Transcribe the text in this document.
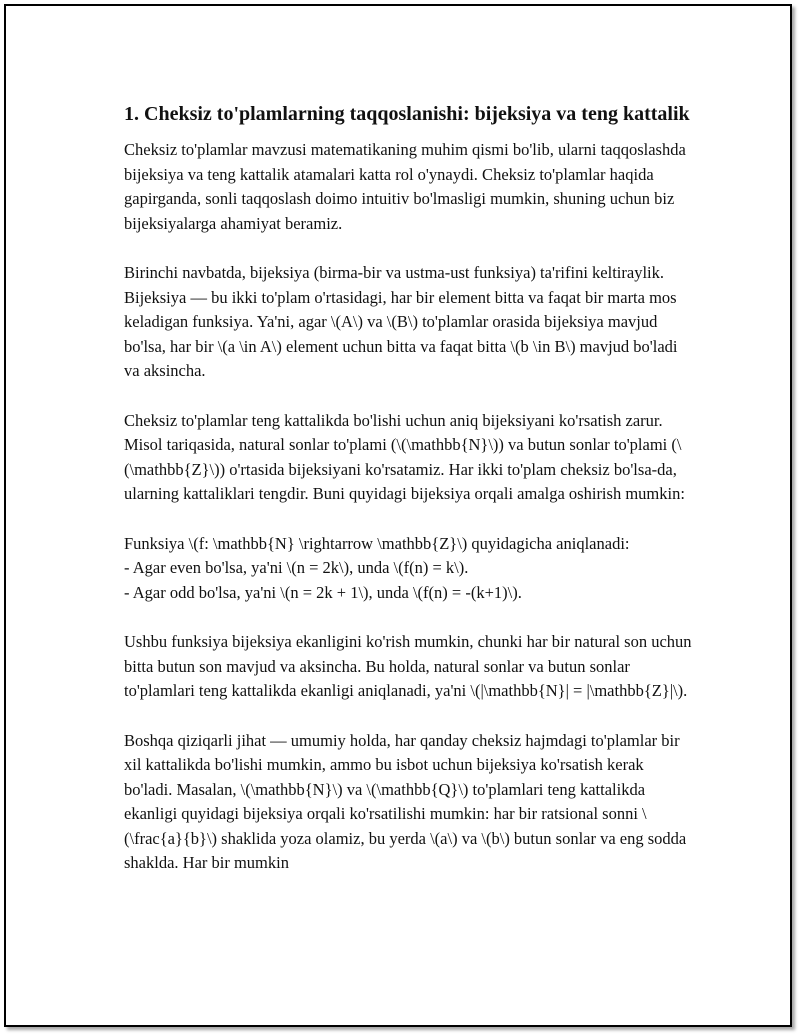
1. Cheksiz to'plamlarning taqqoslanishi: bijeksiya va teng kattalik

Cheksiz to'plamlar mavzusi matematikaning muhim qismi bo'lib, ularni taqqoslashda bijeksiya va teng kattalik atamalari katta rol o'ynaydi. Cheksiz to'plamlar haqida gapirganda, sonli taqqoslash doimo intuitiv bo'lmasligi mumkin, shuning uchun biz bijeksiyalarga ahamiyat beramiz.

Birinchi navbatda, bijeksiya (birma-bir va ustma-ust funksiya) ta'rifini keltiraylik. Bijeksiya — bu ikki to'plam o'rtasidagi, har bir element bitta va faqat bir marta mos keladigan funksiya. Ya'ni, agar \(A\) va \(B\) to'plamlar orasida bijeksiya mavjud bo'lsa, har bir \(a \in A\) element uchun bitta va faqat bitta \(b \in B\) mavjud bo'ladi va aksincha.

Cheksiz to'plamlar teng kattalikda bo'lishi uchun aniq bijeksiyani ko'rsatish zarur. Misol tariqasida, natural sonlar to'plami (\(\mathbb{N}\)) va butun sonlar to'plami (\(\mathbb{Z}\)) o'rtasida bijeksiyani ko'rsatamiz. Har ikki to'plam cheksiz bo'lsa-da, ularning kattaliklari tengdir. Buni quyidagi bijeksiya orqali amalga oshirish mumkin:

Funksiya \(f: \mathbb{N} \rightarrow \mathbb{Z}\) quyidagicha aniqlanadi:
- Agar even bo'lsa, ya'ni \(n = 2k\), unda \(f(n) = k\).
- Agar odd bo'lsa, ya'ni \(n = 2k + 1\), unda \(f(n) = -(k+1)\).

Ushbu funksiya bijeksiya ekanligini ko'rish mumkin, chunki har bir natural son uchun bitta butun son mavjud va aksincha. Bu holda, natural sonlar va butun sonlar to'plamlari teng kattalikda ekanligi aniqlanadi, ya'ni \(|\mathbb{N}| = |\mathbb{Z}|\).

Boshqa qiziqarli jihat — umumiy holda, har qanday cheksiz hajmdagi to'plamlar bir xil kattalikda bo'lishi mumkin, ammo bu isbot uchun bijeksiya ko'rsatish kerak bo'ladi. Masalan, \(\mathbb{N}\) va \(\mathbb{Q}\) to'plamlari teng kattalikda ekanligi quyidagi bijeksiya orqali ko'rsatilishi mumkin: har bir ratsional sonni \(\frac{a}{b}\) shaklida yoza olamiz, bu yerda \(a\) va \(b\) butun sonlar va eng sodda shaklda. Har bir mumkin
